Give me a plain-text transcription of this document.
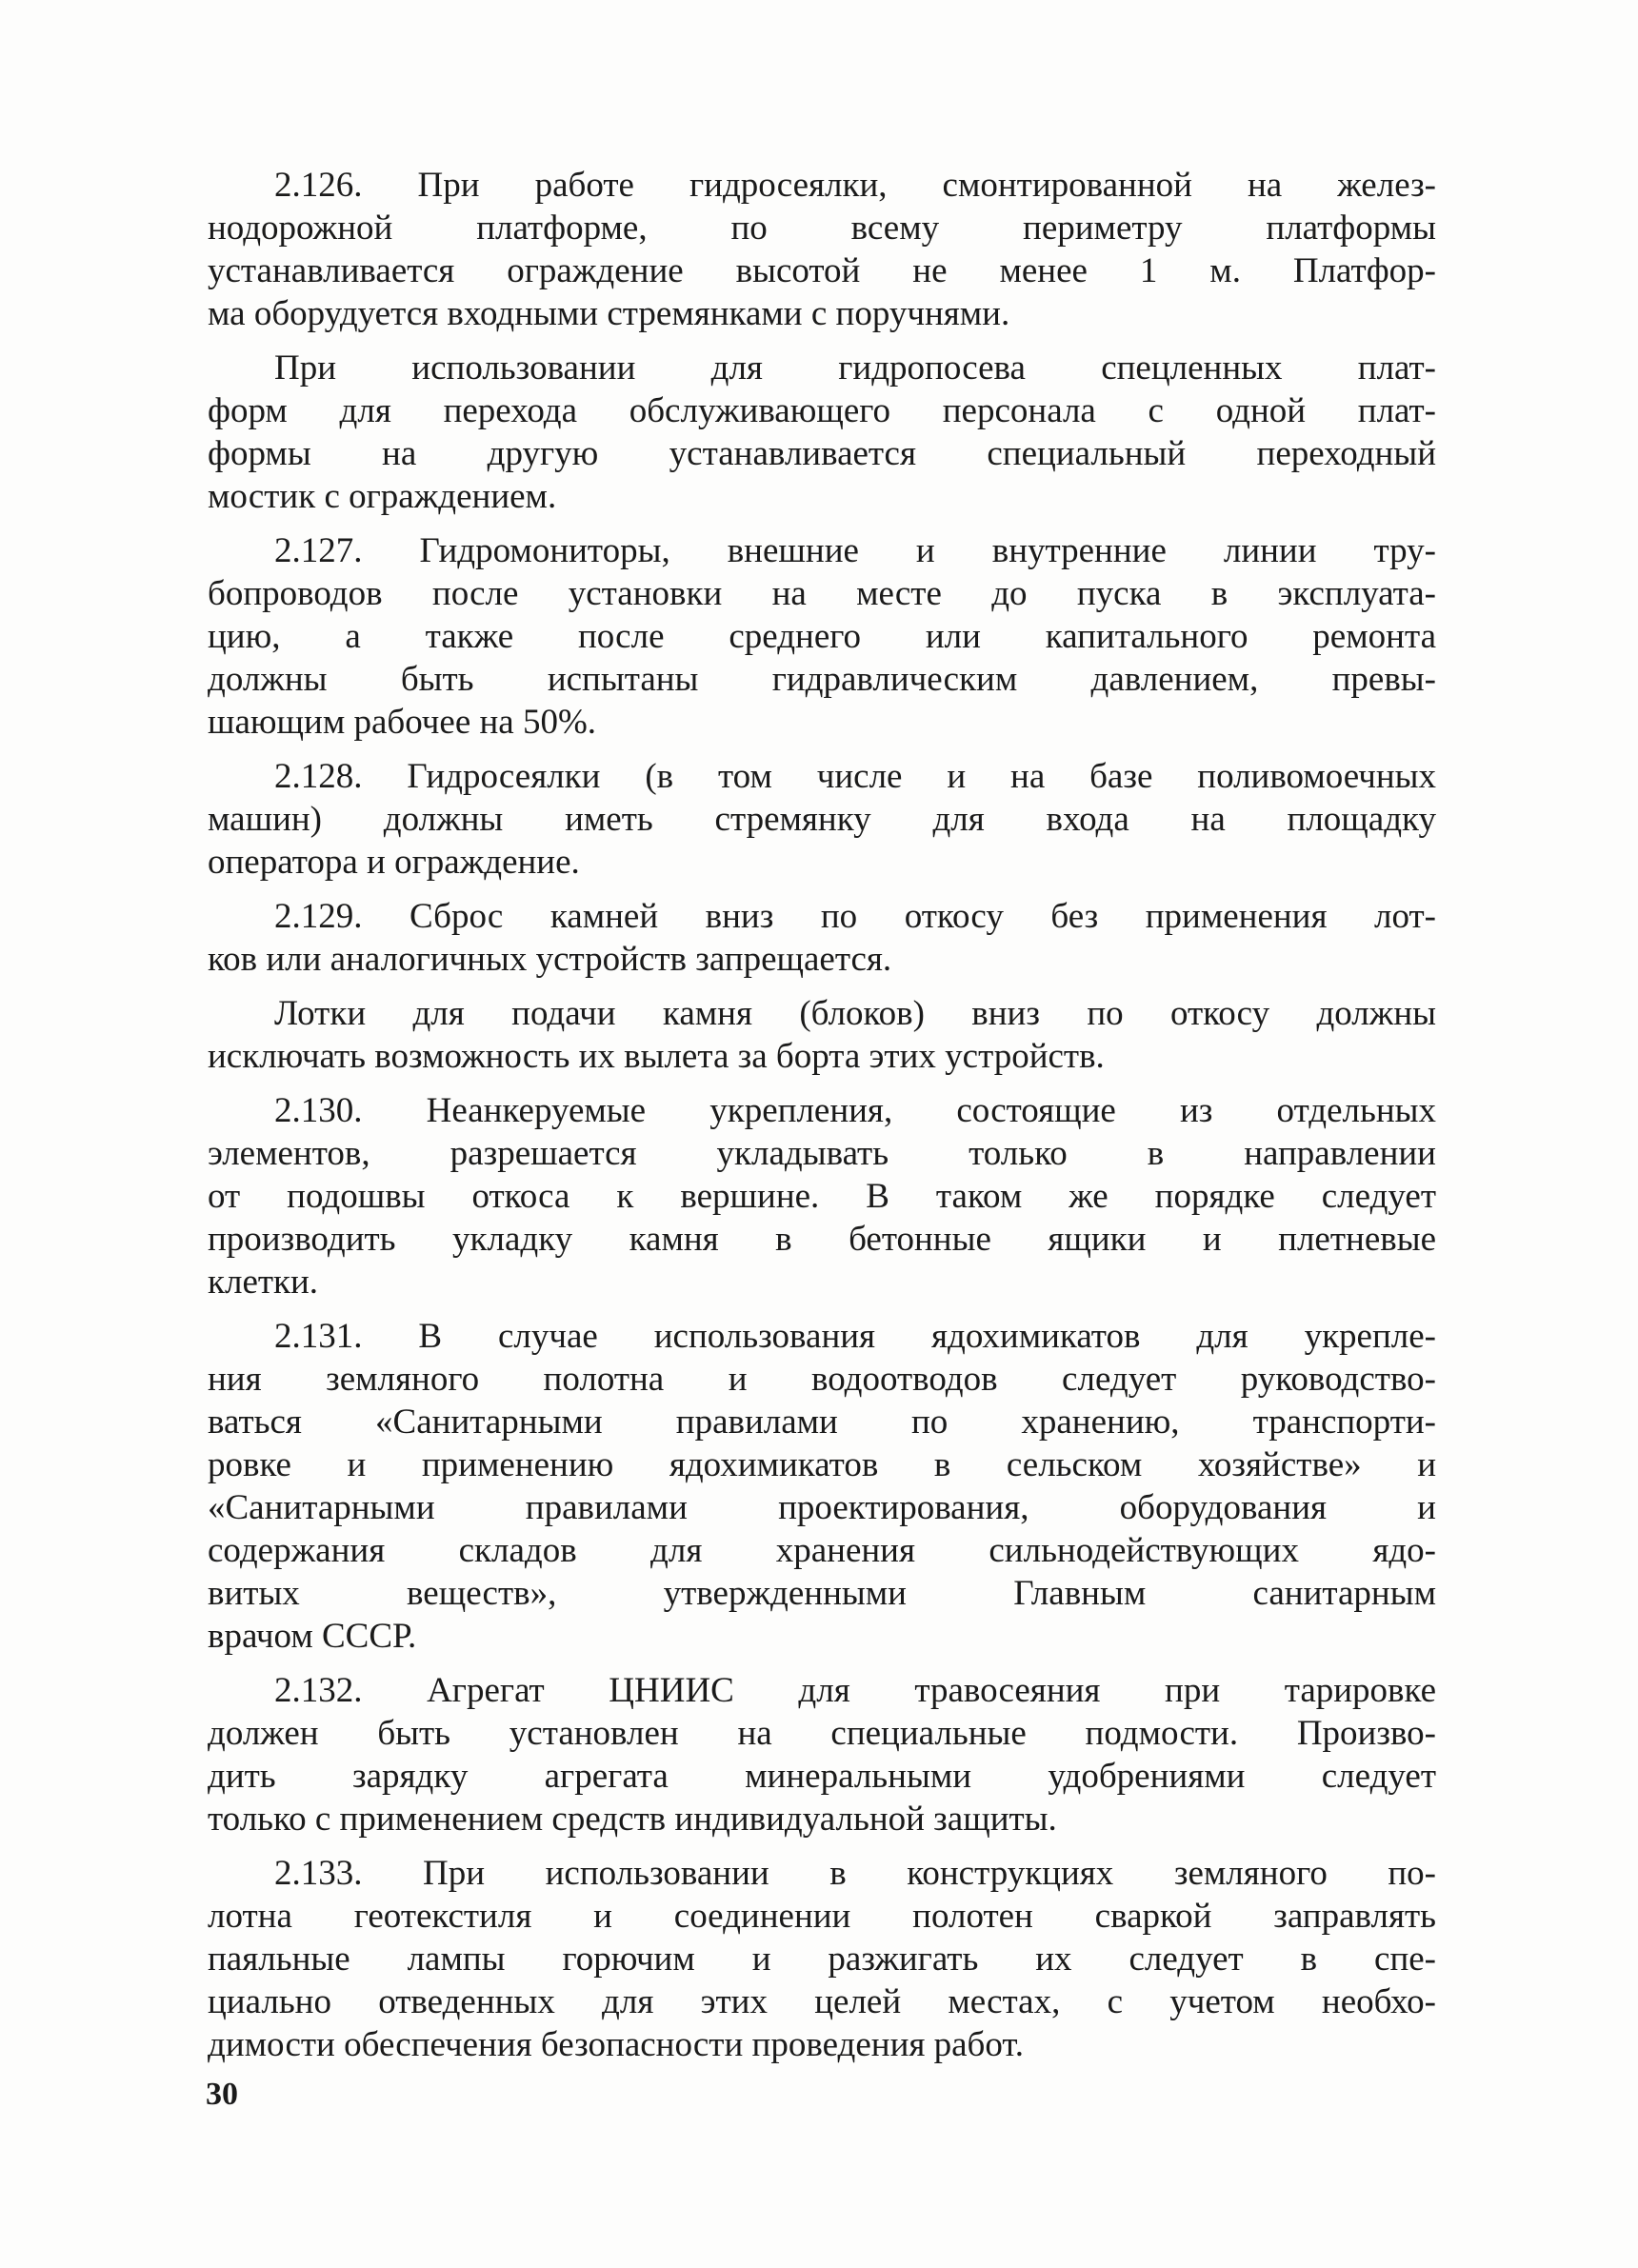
2.126. При работе гидросеялки, смонтированной на желез-
нодорожной платформе, по всему периметру платформы
устанавливается ограждение высотой не менее 1 м. Платфор-
ма оборудуется входными стремянками с поручнями.
При использовании для гидропосева спецленных плат-
форм для перехода обслуживающего персонала с одной плат-
формы на другую устанавливается специальный переходный
мостик с ограждением.
2.127. Гидромониторы, внешние и внутренние линии тру-
бопроводов после установки на месте до пуска в эксплуата-
цию, а также после среднего или капитального ремонта
должны быть испытаны гидравлическим давлением, превы-
шающим рабочее на 50%.
2.128. Гидросеялки (в том числе и на базе поливомоечных
машин) должны иметь стремянку для входа на площадку
оператора и ограждение.
2.129. Сброс камней вниз по откосу без применения лот-
ков или аналогичных устройств запрещается.
Лотки для подачи камня (блоков) вниз по откосу должны
исключать возможность их вылета за борта этих устройств.
2.130. Неанкеруемые укрепления, состоящие из отдельных
элементов, разрешается укладывать только в направлении
от подошвы откоса к вершине. В таком же порядке следует
производить укладку камня в бетонные ящики и плетневые
клетки.
2.131. В случае использования ядохимикатов для укрепле-
ния земляного полотна и водоотводов следует руководство-
ваться «Санитарными правилами по хранению, транспорти-
ровке и применению ядохимикатов в сельском хозяйстве» и
«Санитарными правилами проектирования, оборудования и
содержания складов для хранения сильнодействующих ядо-
витых веществ», утвержденными Главным санитарным
врачом СССР.
2.132. Агрегат ЦНИИС для травосеяния при тарировке
должен быть установлен на специальные подмости. Произво-
дить зарядку агрегата минеральными удобрениями следует
только с применением средств индивидуальной защиты.
2.133. При использовании в конструкциях земляного по-
лотна геотекстиля и соединении полотен сваркой заправлять
паяльные лампы горючим и разжигать их следует в спе-
циально отведенных для этих целей местах, с учетом необхо-
димости обеспечения безопасности проведения работ.
30
